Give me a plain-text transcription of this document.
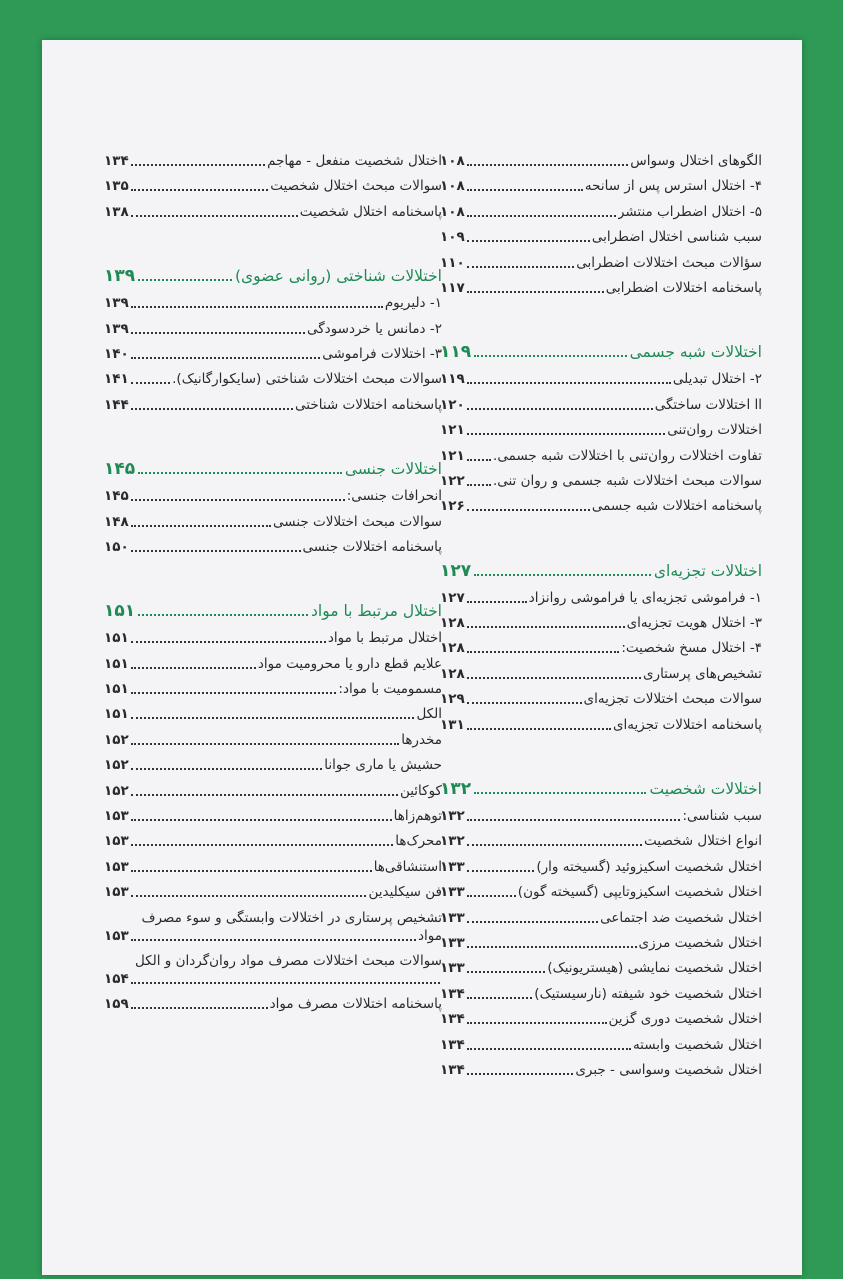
الگوهای اختلال وسواس
۱۰۸
۴- اختلال استرس پس از سانحه
۱۰۸
۵- اختلال اضطراب منتشر
۱۰۸
سبب شناسی اختلال اضطرابی
۱۰۹
سؤالات مبحث اختلالات اضطرابی
۱۱۰
پاسخنامه اختلالات اضطرابی
۱۱۷
اختلالات شبه جسمی
۱۱۹
۲- اختلال تبدیلی
۱۱۹
اا اختلالات ساختگی
۱۲۰
اختلالات روان‌تنی
۱۲۱
تفاوت اختلالات روان‌تنی با اختلالات شبه جسمی.
۱۲۱
سوالات مبحث اختلالات شبه جسمی و روان تنی.
۱۲۲
پاسخنامه اختلالات شبه جسمی
۱۲۶
اختلالات تجزیه‌ای
۱۲۷
۱- فراموشی تجزیه‌ای یا فراموشی روانزاد
۱۲۷
۳- اختلال هویت تجزیه‌ای
۱۲۸
۴- اختلال مسخ شخصیت:
۱۲۸
تشخیص‌های پرستاری
۱۲۸
سوالات مبحث اختلالات تجزیه‌ای
۱۲۹
پاسخنامه اختلالات تجزیه‌ای
۱۳۱
اختلالات شخصیت
۱۳۲
سبب شناسی:
۱۳۲
انواع اختلال شخصیت
۱۳۲
اختلال شخصیت اسکیزوئید (گسیخته وار)
۱۳۳
اختلال شخصیت اسکیزوتایپی (گسیخته گون)
۱۳۳
اختلال شخصیت ضد اجتماعی
۱۳۳
اختلال شخصیت مرزی
۱۳۳
اختلال شخصیت نمایشی (هیستریونیک)
۱۳۳
اختلال شخصیت خود شیفته (نارسیستیک)
۱۳۴
اختلال شخصیت دوری گزین
۱۳۴
اختلال شخصیت وابسته
۱۳۴
اختلال شخصیت وسواسی - جبری
۱۳۴
اختلال شخصیت منفعل - مهاجم
۱۳۴
سوالات مبحث اختلال شخصیت
۱۳۵
پاسخنامه اختلال شخصیت
۱۳۸
اختلالات شناختی (روانی عضوی)
۱۳۹
۱- دلیریوم
۱۳۹
۲- دمانس یا خردسودگی
۱۳۹
۳- اختلالات فراموشی
۱۴۰
سوالات مبحث اختلالات شناختی (سایکوارگانیک).
۱۴۱
پاسخنامه اختلالات شناختی
۱۴۴
اختلالات جنسی
۱۴۵
انحرافات جنسی:
۱۴۵
سوالات مبحث اختلالات جنسی
۱۴۸
پاسخنامه اختلالات جنسی
۱۵۰
اختلال مرتبط با مواد
۱۵۱
اختلال مرتبط با مواد
۱۵۱
علایم قطع دارو یا محرومیت مواد
۱۵۱
مسمومیت با مواد:
۱۵۱
الکل
۱۵۱
مخدرها
۱۵۲
حشیش یا ماری جوانا
۱۵۲
کوکائین
۱۵۲
توهم‌زاها
۱۵۳
محرک‌ها
۱۵۳
استنشاقی‌ها
۱۵۳
فن سیکلیدین
۱۵۳
تشخیص پرستاری در اختلالات وابستگی و سوء مصرف
مواد
۱۵۳
سوالات مبحث اختلالات مصرف مواد روان‌گردان و الکل
۱۵۴
پاسخنامه اختلالات مصرف مواد
۱۵۹
